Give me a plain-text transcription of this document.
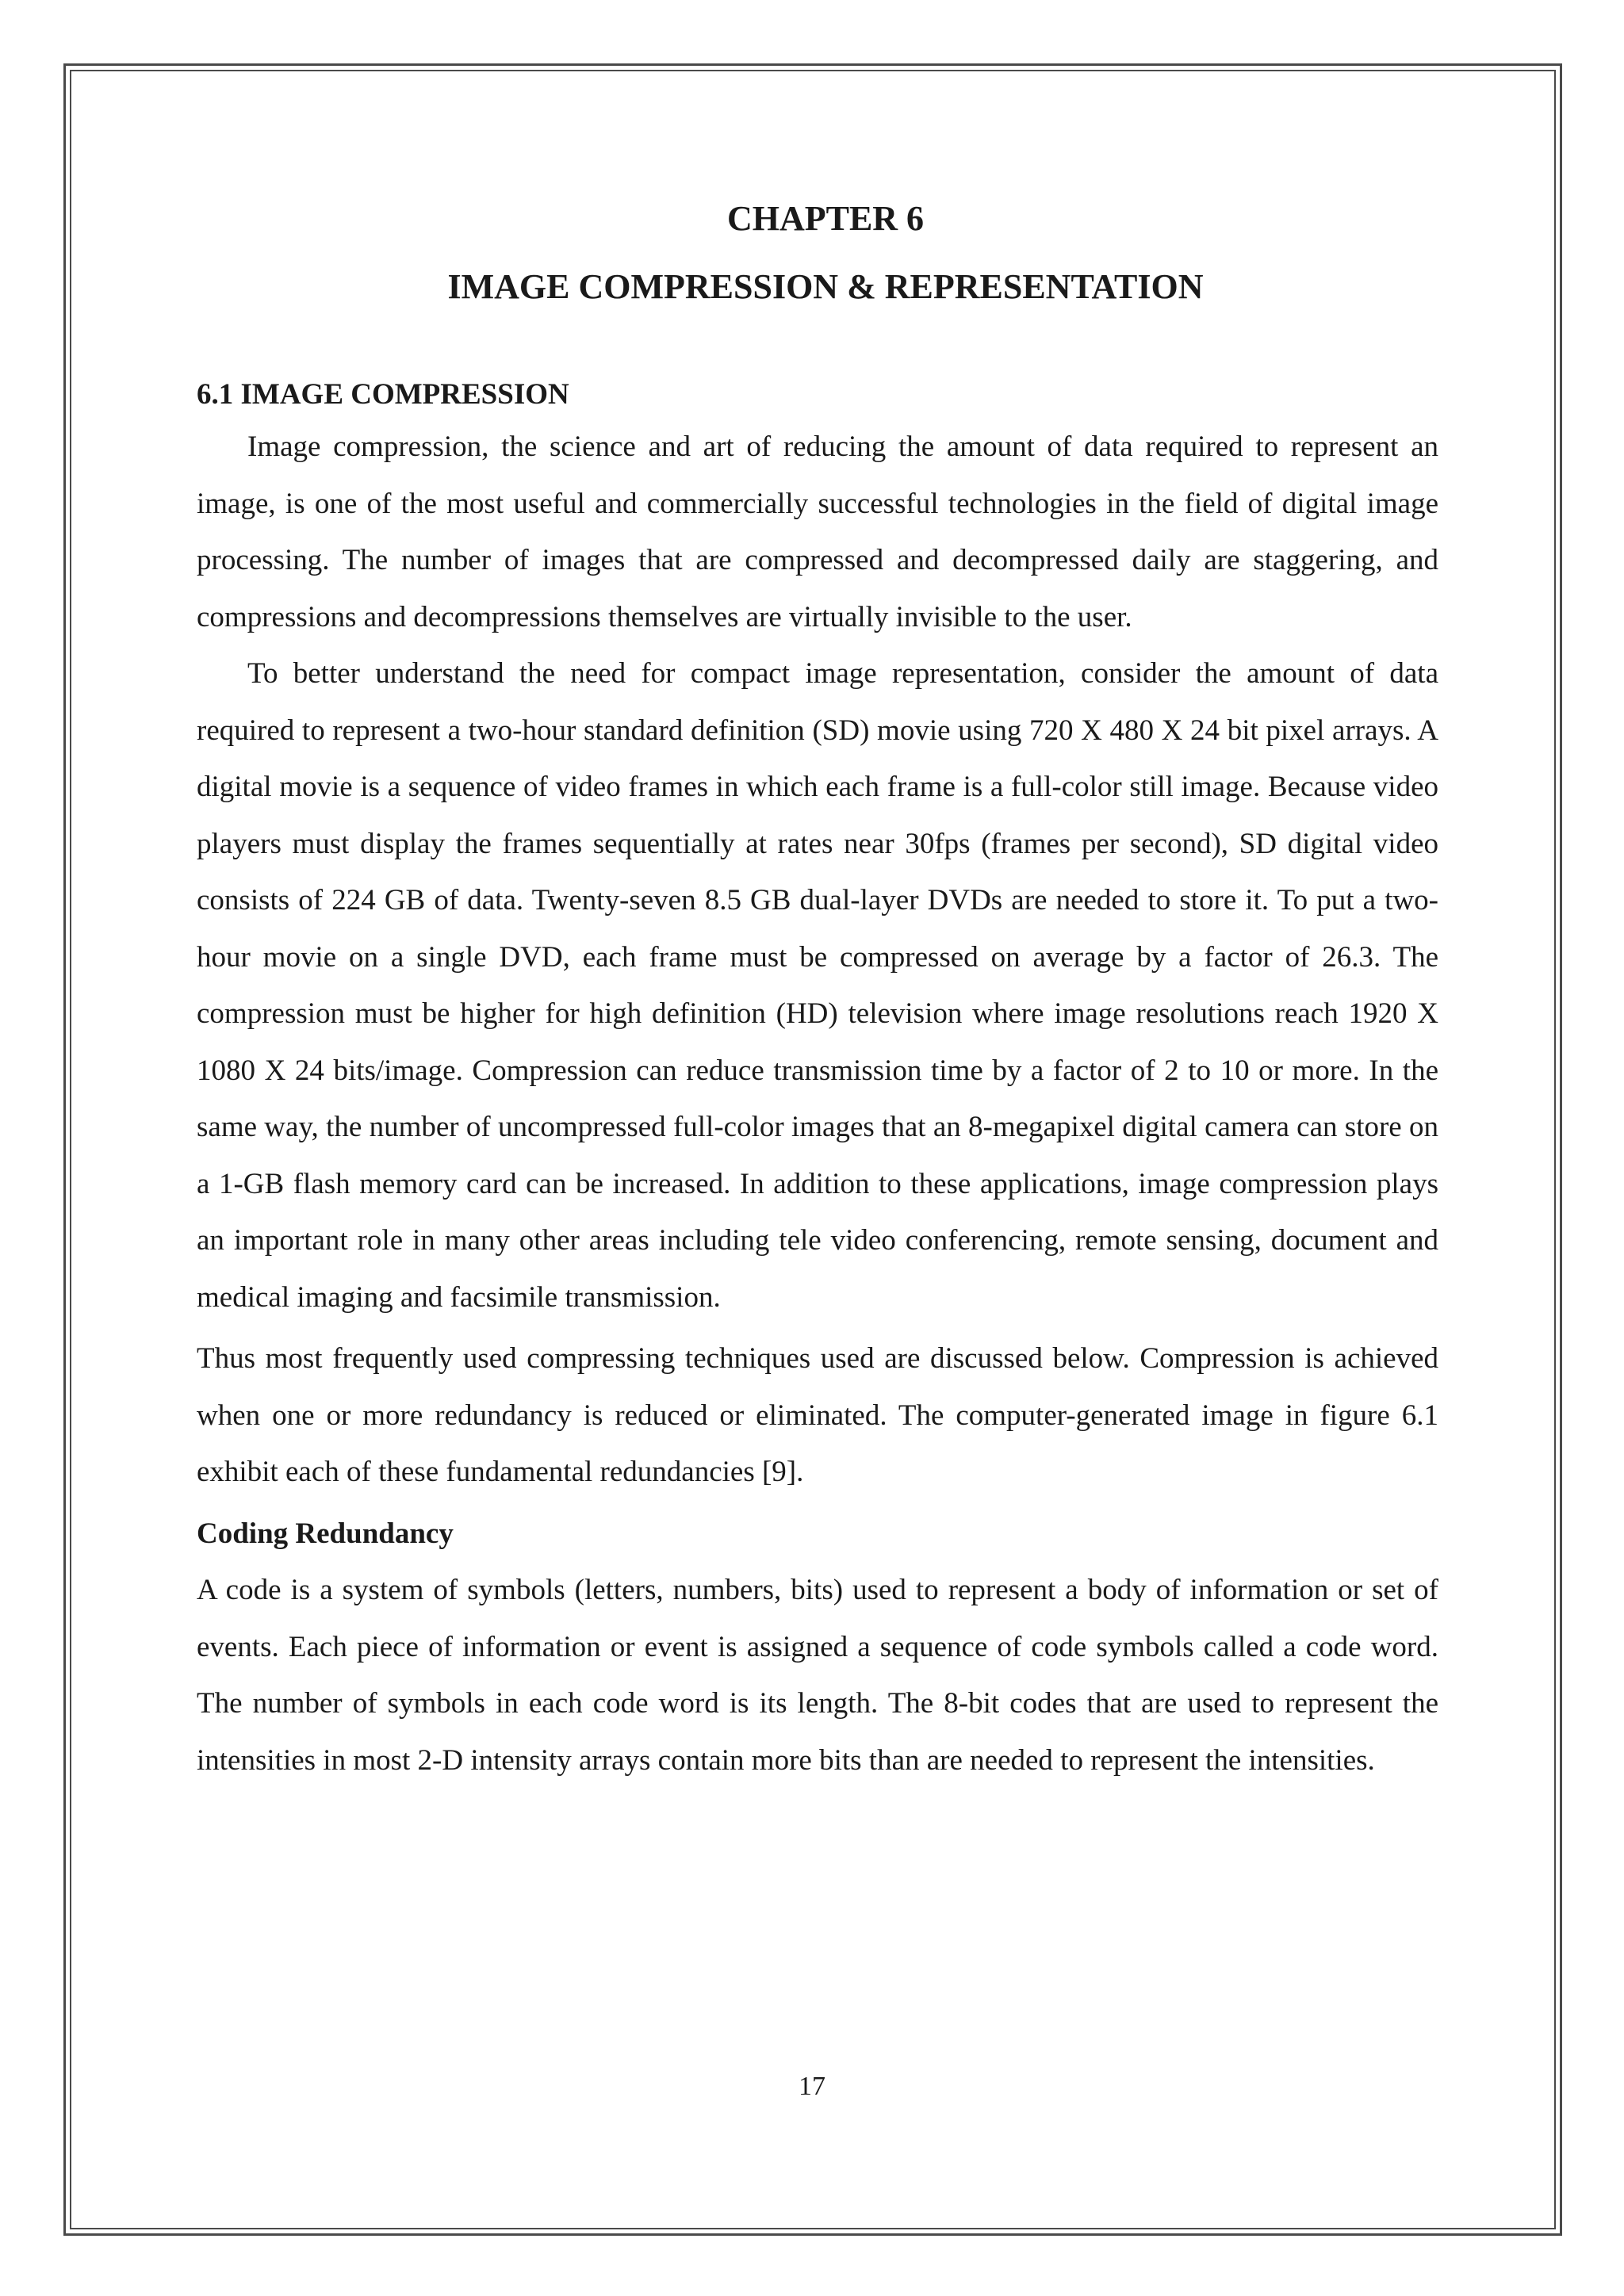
CHAPTER 6
IMAGE COMPRESSION & REPRESENTATION
6.1 IMAGE COMPRESSION

Image compression, the science and art of reducing the amount of data required to represent an image, is one of the most useful and commercially successful technologies in the field of digital image processing. The number of images that are compressed and decompressed daily are staggering, and compressions and decompressions themselves are virtually invisible to the user.

To better understand the need for compact image representation, consider the amount of data required to represent a two-hour standard definition (SD) movie using 720 X 480 X 24 bit pixel arrays. A digital movie is a sequence of video frames in which each frame is a full-color still image. Because video players must display the frames sequentially at rates near 30fps (frames per second), SD digital video consists of 224 GB of data. Twenty-seven 8.5 GB dual-layer DVDs are needed to store it. To put a two-hour movie on a single DVD, each frame must be compressed on average by a factor of 26.3. The compression must be higher for high definition (HD) television where image resolutions reach 1920 X 1080 X 24 bits/image. Compression can reduce transmission time by a factor of 2 to 10 or more. In the same way, the number of uncompressed full-color images that an 8-megapixel digital camera can store on a 1-GB flash memory card can be increased. In addition to these applications, image compression plays an important role in many other areas including tele video conferencing, remote sensing, document and medical imaging and facsimile transmission.

Thus most frequently used compressing techniques used are discussed below. Compression is achieved when one or more redundancy is reduced or eliminated. The computer-generated image in figure 6.1 exhibit each of these fundamental redundancies [9].

Coding Redundancy

A code is a system of symbols (letters, numbers, bits) used to represent a body of information or set of events. Each piece of information or event is assigned a sequence of code symbols called a code word. The number of symbols in each code word is its length. The 8-bit codes that are used to represent the intensities in most 2-D intensity arrays contain more bits than are needed to represent the intensities.

17
